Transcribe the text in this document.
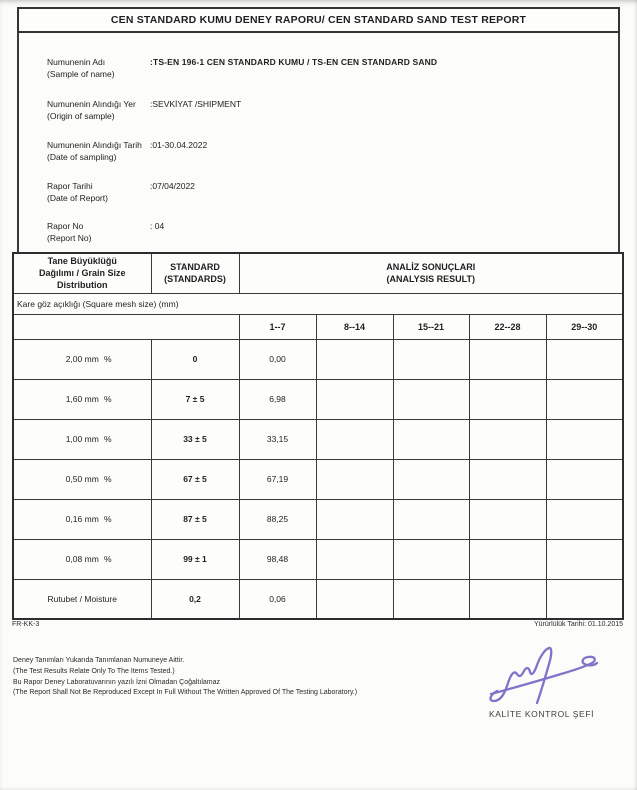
CEN STANDARD KUMU DENEY RAPORU/ CEN STANDARD SAND TEST REPORT
Numunenin Adı
(Sample of name)
:TS-EN 196-1 CEN STANDARD KUMU / TS-EN CEN STANDARD SAND
Numunenin Alındığı Yer
(Origin of sample)
:SEVKİYAT /SHIPMENT
Numunenin Alındığı Tarih
(Date of sampling)
:01-30.04.2022
Rapor Tarihi
(Date of Report)
:07/04/2022
Rapor No
(Report No)
: 04
Tane Büyüklüğü
Dağılımı / Grain Size
Distribution	STANDARD
(STANDARDS)	ANALİZ SONUÇLARI
(ANALYSIS RESULT)				

Kare göz açıklığı (Square mesh size) (mm)						
		1--7	8--14	15--21	22--28	29--30
2,00 mm %	0	0,00				
1,60 mm %	7 ± 5	6,98				
1,00 mm %	33 ± 5	33,15				
0,50 mm %	67 ± 5	67,19				
0,16 mm %	87 ± 5	88,25				
0,08 mm %	99 ± 1	98,48				
Rutubet / Moisture	0,2	0,06				
FR-KK-3	Yürürlülük Tarihi: 01.10.2015
Deney Tanımları Yukarıda Tanımlanan Numuneye Aittir.
(The Test Results Relate Only To The Items Tested.)
Bu Rapor Deney Laboratuvarının yazılı İzni Olmadan Çoğaltılamaz
(The Report Shall Not Be Reproduced Except In Full Without The Written Approved Of The Testing Laboratory.)
KALİTE KONTROL ŞEFİ
